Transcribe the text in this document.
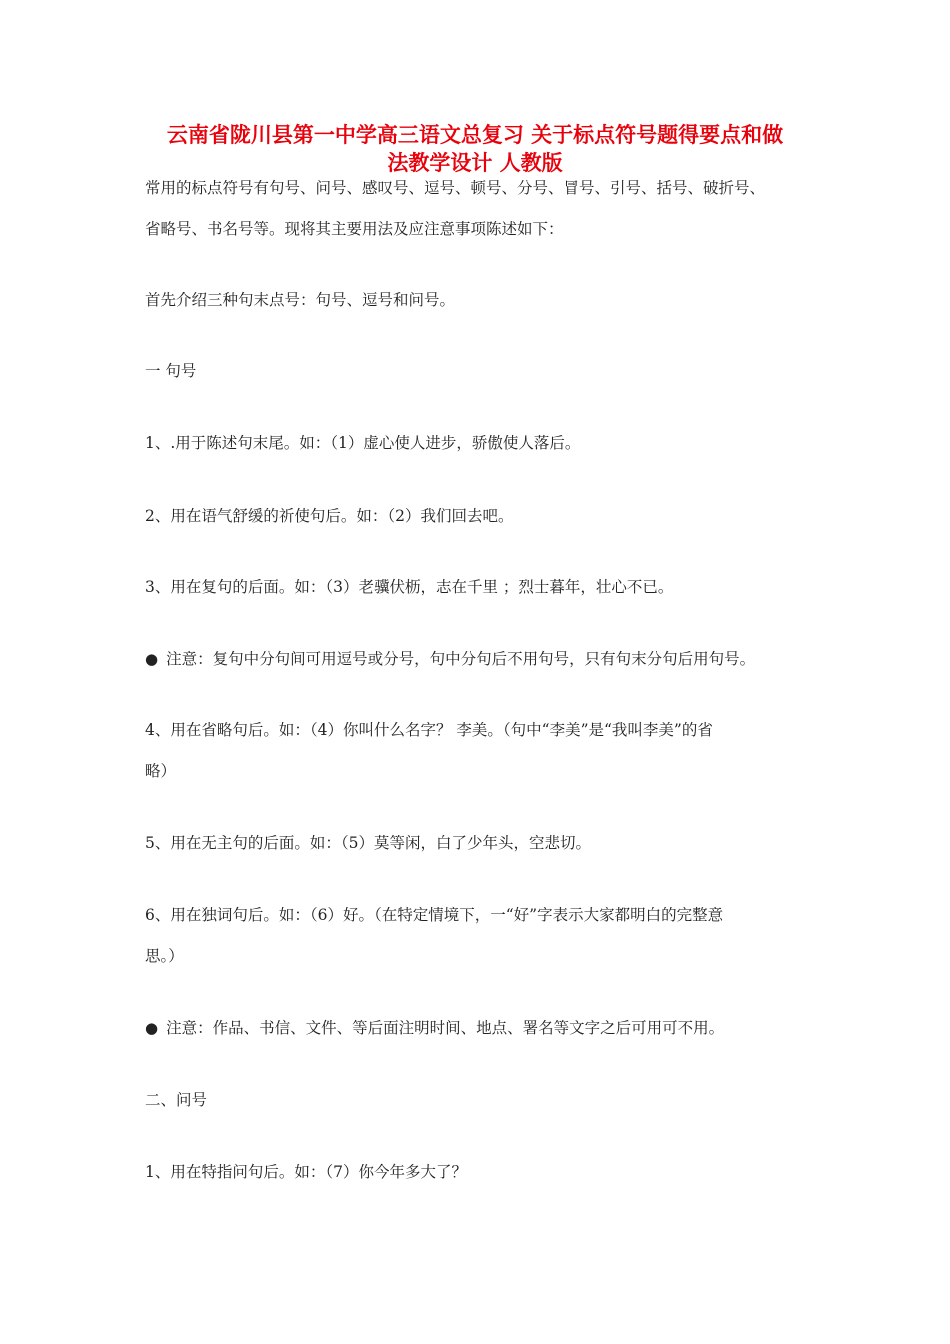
云南省陇川县第一中学高三语文总复习 关于标点符号题得要点和做
法教学设计 人教版
常用的标点符号有句号、问号、感叹号、逗号、顿号、分号、冒号、引号、括号、破折号、
省略号、书名号等。现将其主要用法及应注意事项陈述如下：
首先介绍三种句末点号：句号、逗号和问号。
一 句号
1、.用于陈述句末尾。如：（1）虚心使人进步，骄傲使人落后。
2、用在语气舒缓的祈使句后。如：（2）我们回去吧。
3、用在复句的后面。如：（3）老骥伏枥，志在千里 ；烈士暮年，壮心不已。
● 注意：复句中分句间可用逗号或分号，句中分句后不用句号，只有句末分句后用句号。
4、用在省略句后。如：（4）你叫什么名字？ 李美。（句中“李美”是“我叫李美”的省
略）
5、用在无主句的后面。如：（5）莫等闲，白了少年头，空悲切。
6、用在独词句后。如：（6）好。（在特定情境下，一“好”字表示大家都明白的完整意
思。）
● 注意：作品、书信、文件、等后面注明时间、地点、署名等文字之后可用可不用。
二、问号
1、用在特指问句后。如：（7）你今年多大了？
